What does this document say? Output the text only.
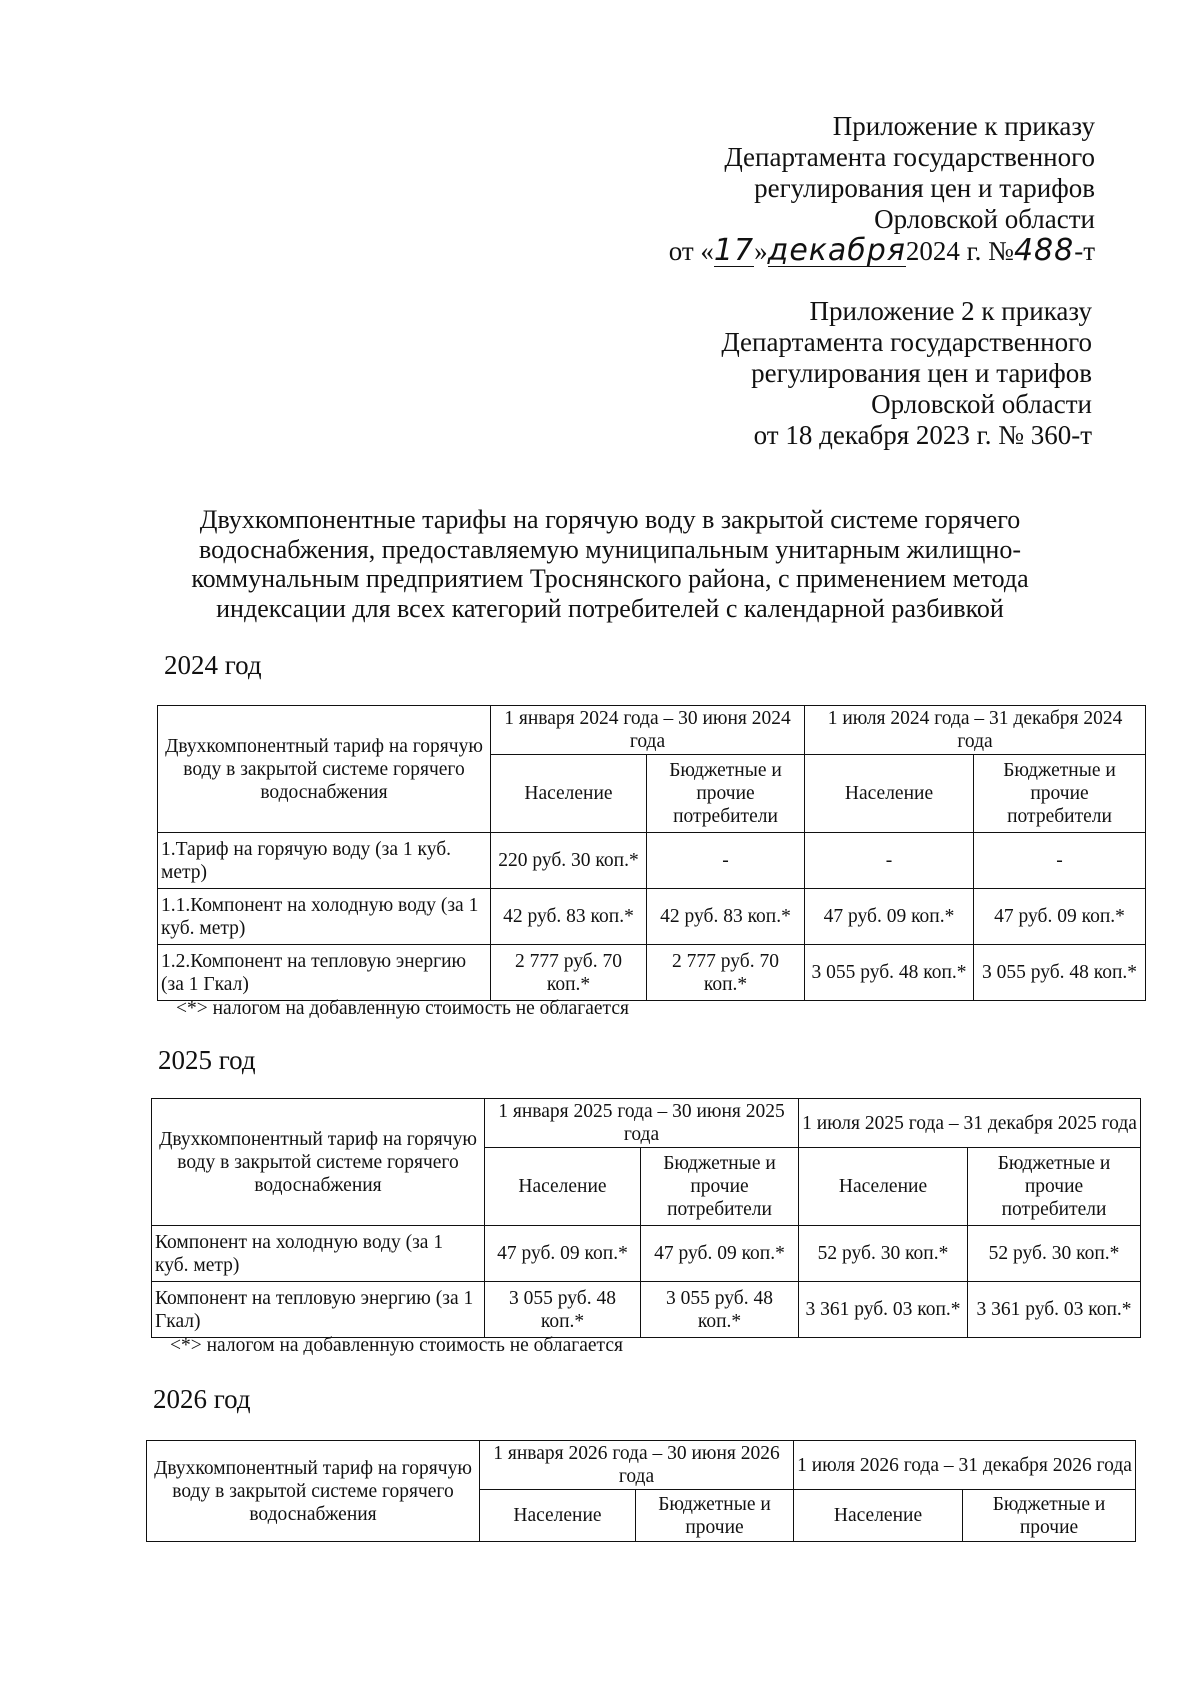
Приложение к приказу
Департамента государственного
регулирования цен и тарифов
Орловской области
от «17»декабря2024 г. №488-т
Приложение 2 к приказу
Департамента государственного
регулирования цен и тарифов
Орловской области
от 18 декабря 2023 г. № 360-т
Двухкомпонентные тарифы на горячую воду в закрытой системе горячего
водоснабжения, предоставляемую муниципальным унитарным жилищно-
коммунальным предприятием Троснянского района, с применением метода
индексации для всех категорий потребителей с календарной разбивкой
2024 год
Двухкомпонентный тариф на горячую воду в закрытой системе горячего водоснабжения	1 января 2024 года – 30 июня 2024 года		1 июля 2024 года – 31 декабря 2024 года	
	Население	Бюджетные и прочие потребители	Население	Бюджетные и прочие потребители
1.Тариф на горячую воду (за 1 куб. метр)	220 руб. 30 коп.*	-	-	-
1.1.Компонент на холодную воду (за 1 куб. метр)	42 руб. 83 коп.*	42 руб. 83 коп.*	47 руб. 09 коп.*	47 руб. 09 коп.*
1.2.Компонент на тепловую энергию (за 1 Гкал)	2 777 руб. 70 коп.*	2 777 руб. 70 коп.*	3 055 руб. 48 коп.*	3 055 руб. 48 коп.*
<*> налогом на добавленную стоимость не облагается
2025 год
Двухкомпонентный тариф на горячую воду в закрытой системе горячего водоснабжения	1 января 2025 года – 30 июня 2025 года		1 июля 2025 года – 31 декабря 2025 года	
	Население	Бюджетные и прочие потребители	Население	Бюджетные и прочие потребители
Компонент на холодную воду (за 1 куб. метр)	47 руб. 09 коп.*	47 руб. 09 коп.*	52 руб. 30 коп.*	52 руб. 30 коп.*
Компонент на тепловую энергию (за 1 Гкал)	3 055 руб. 48 коп.*	3 055 руб. 48 коп.*	3 361 руб. 03 коп.*	3 361 руб. 03 коп.*
<*> налогом на добавленную стоимость не облагается
2026 год
Двухкомпонентный тариф на горячую воду в закрытой системе горячего водоснабжения	1 января 2026 года – 30 июня 2026 года		1 июля 2026 года – 31 декабря 2026 года	
	Население	Бюджетные и прочие	Население	Бюджетные и прочие
